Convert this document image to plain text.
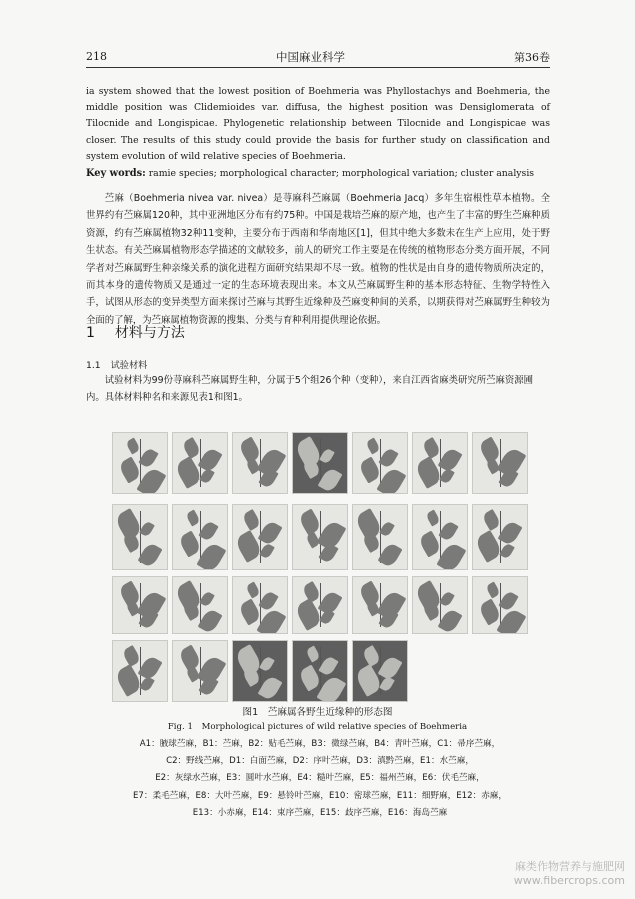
218	中国麻业科学	第36卷
ia system showed that the lowest position of Boehmeria was Phyllostachys and Boehmeria, the middle position was Clidemioides var. diffusa, the highest position was Densiglomerata of Tilocnide and Longispicae. Phylogenetic relationship between Tilocnide and Longispicae was closer. The results of this study could provide the basis for further study on classification and system evolution of wild relative species of Boehmeria.
Key words: ramie species; morphological character; morphological variation; cluster analysis

苎麻（Boehmeria nivea var. nivea）是荨麻科苎麻属（Boehmeria Jacq）多年生宿根性草本植物。全世界约有苎麻属120种，其中亚洲地区分布有约75种。中国是栽培苎麻的原产地，也产生了丰富的野生苎麻种质资源，约有苎麻属植物32种11变种，主要分布于西南和华南地区[1]，但其中绝大多数未在生产上应用，处于野生状态。有关苎麻属植物形态学描述的文献较多，前人的研究工作主要是在传统的植物形态分类方面开展，不同学者对苎麻属野生种亲缘关系的演化进程方面研究结果却不尽一致。植物的性状是由自身的遗传物质所决定的，而其本身的遗传物质又是通过一定的生态环境表现出来。本文从苎麻属野生种的基本形态特征、生物学特性入手，试图从形态的变异类型方面来探讨苎麻与其野生近缘种及苎麻变种间的关系，以期获得对苎麻属野生种较为全面的了解，为苎麻属植物资源的搜集、分类与育种利用提供理论依据。

1 材料与方法
1.1 试验材料
试验材料为99份荨麻科苎麻属野生种，分属于5个组26个种（变种），来自江西省麻类研究所苎麻资源圃内。具体材料种名和来源见表1和图1。
图1　苎麻属各野生近缘种的形态图
Fig. 1　Morphological pictures of wild relative species of Boehmeria
A1：腋球苎麻，B1：苎麻，B2：贴毛苎麻，B3：微绿苎麻，B4：青叶苎麻，C1：帚序苎麻，
C2：野线苎麻，D1：白面苎麻，D2：序叶苎麻，D3：滇黔苎麻，E1：水苎麻，
E2：灰绿水苎麻，E3：圆叶水苎麻，E4：糙叶苎麻，E5：福州苎麻，E6：伏毛苎麻，
E7：柔毛苎麻，E8：大叶苎麻，E9：悬铃叶苎麻，E10：密球苎麻，E11：细野麻，E12：赤麻，
E13：小赤麻，E14：束序苎麻，E15：歧序苎麻，E16：海岛苎麻
麻类作物营养与施肥网
www.fibercrops.com
